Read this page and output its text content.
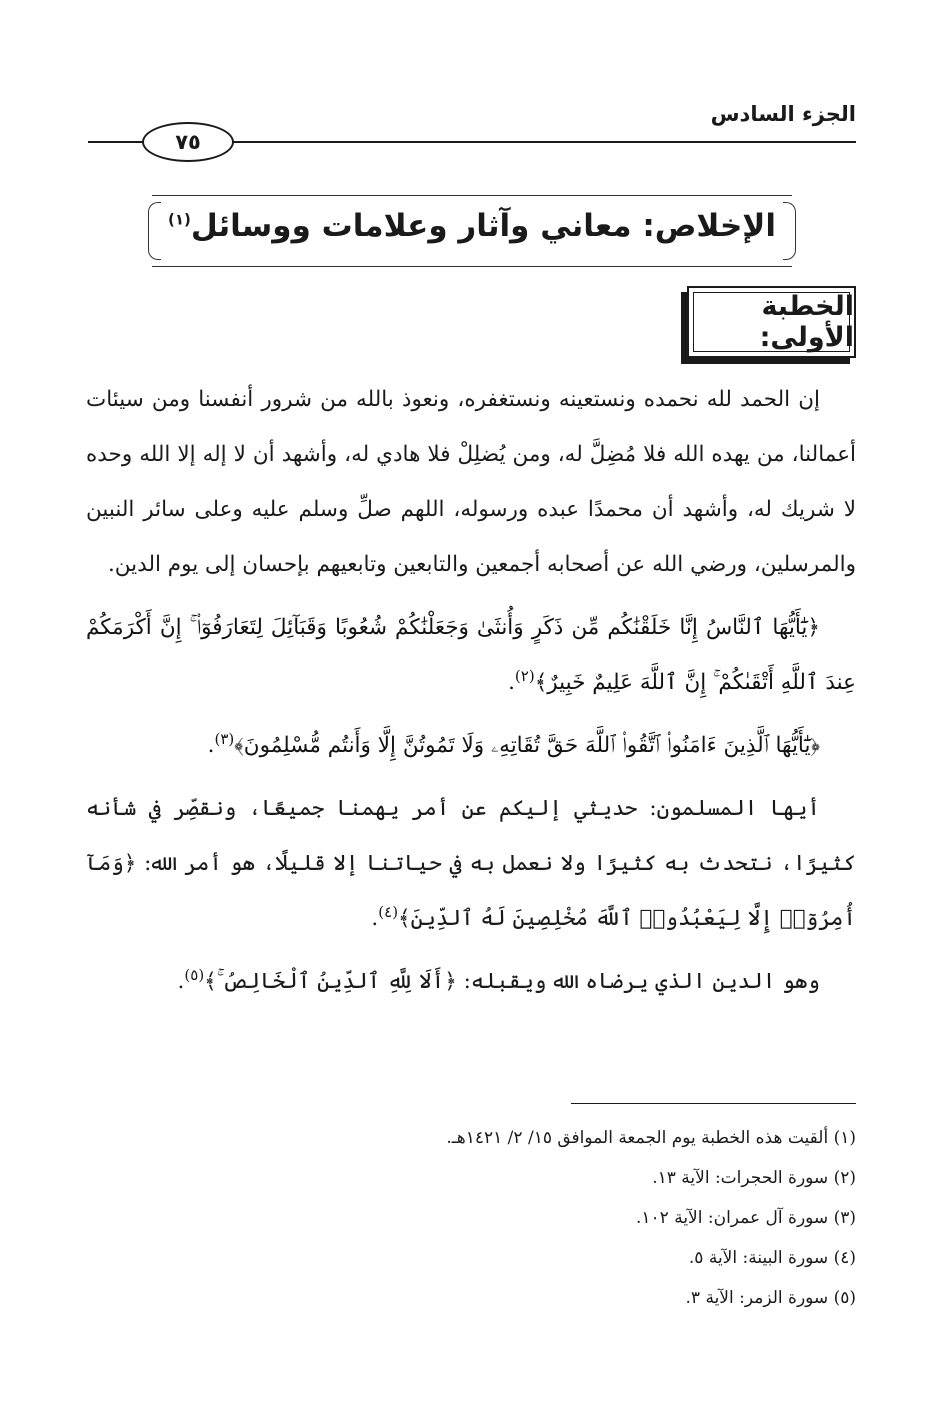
الجزء السادس
٧٥
الإخلاص: معاني وآثار وعلامات ووسائل$^{(١)}$
الخطبة الأولى:

إن الحمد لله نحمده ونستعينه ونستغفره، ونعوذ بالله من شرور أنفسنا ومن سيئات أعمالنا، من يهده الله فلا مُضِلَّ له، ومن يُضلِلْ فلا هادي له، وأشهد أن لا إله إلا الله وحده لا شريك له، وأشهد أن محمدًا عبده ورسوله، اللهم صلِّ وسلم عليه وعلى سائر النبين والمرسلين، ورضي الله عن أصحابه أجمعين والتابعين وتابعيهم بإحسان إلى يوم الدين.

﴿يَٰٓأَيُّهَا ٱلنَّاسُ إِنَّا خَلَقْنَٰكُم مِّن ذَكَرٍ وَأُنثَىٰ وَجَعَلْنَٰكُمْ شُعُوبًا وَقَبَآئِلَ لِتَعَارَفُوٓا۟ ۚ إِنَّ أَكْرَمَكُمْ عِندَ ٱللَّهِ أَتْقَىٰكُمْ ۚ إِنَّ ٱللَّهَ عَلِيمٌ خَبِيرٌ﴾$^{(٢)}$.

﴿يَٰٓأَيُّهَا ٱلَّذِينَ ءَامَنُوا۟ ٱتَّقُوا۟ ٱللَّهَ حَقَّ تُقَاتِهِۦ وَلَا تَمُوتُنَّ إِلَّا وَأَنتُم مُّسْلِمُونَ﴾$^{(٣)}$.

أيها المسلمون: حديثي إليكم عن أمر يهمنا جميعًا، ونقصِّر في شأنه كثيرًا، نتحدث به كثيرًا ولا نعمل به في حياتنا إلا قليلًا، هو أمر الله: ﴿وَمَآ أُمِرُوٓا۟ إِلَّا لِيَعْبُدُوا۟ ٱللَّهَ مُخْلِصِينَ لَهُ ٱلدِّينَ﴾$^{(٤)}$.

وهو الدين الذي يرضاه الله ويقبله: ﴿أَلَا لِلَّهِ ٱلدِّينُ ٱلْخَالِصُ ۚ﴾$^{(٥)}$.

(١) ألقيت هذه الخطبة يوم الجمعة الموافق ١٥/ ٢/ ١٤٢١هـ.
(٢) سورة الحجرات: الآية ١٣.
(٣) سورة آل عمران: الآية ١٠٢.
(٤) سورة البينة: الآية ٥.
(٥) سورة الزمر: الآية ٣.
